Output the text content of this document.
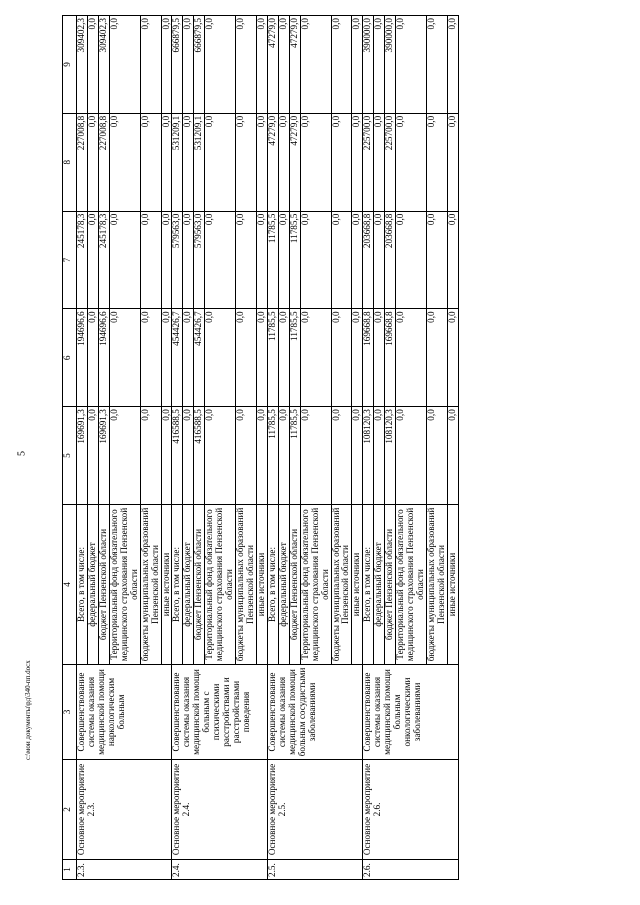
5
c:\мои документы\рд\340-пп.docx
1	2	3	4	5	6	7	8	9
2.3.	Основное мероприятие 2.3.	Совершенствование системы оказания медицинской помощи наркологическим больным	Всего, в том числе:	169691,3	194696,6	245178,3	227008,8	309402,3
			федеральный бюджет	0,0	0,0	0,0	0,0	0,0
			бюджет Пензенской области	169691,3	194696,6	245178,3	227008,8	309402,3
			Территориальный фонд обязательного медицинского страхования Пензенской области	0,0	0,0	0,0	0,0	0,0
			бюджеты муниципальных образований Пензенской области	0,0	0,0	0,0	0,0	0,0
			иные источники	0,0	0,0	0,0	0,0	0,0
2.4.	Основное мероприятие 2.4.	Совершенствование системы оказания медицинской помощи больным с психическими расстройствами и расстройствами поведения	Всего, в том числе:	416588,5	454426,7	579563,0	531209,1	666879,5
			федеральный бюджет	0,0	0,0	0,0	0,0	0,0
			бюджет Пензенской области	416588,5	454426,7	579563,0	531209,1	666879,5
			Территориальный фонд обязательного медицинского страхования Пензенской области	0,0	0,0	0,0	0,0	0,0
			бюджеты муниципальных образований Пензенской области	0,0	0,0	0,0	0,0	0,0
			иные источники	0,0	0,0	0,0	0,0	0,0
2.5.	Основное мероприятие 2.5.	Совершенствование системы оказания медицинской помощи больным сосудистыми заболеваниями	Всего, в том числе:	11785,5	11785,5	11785,5	47279,0	47279,0
			федеральный бюджет	0,0	0,0	0,0	0,0	0,0
			бюджет Пензенской области	11785,5	11785,5	11785,5	47279,0	47279,0
			Территориальный фонд обязательного медицинского страхования Пензенской области	0,0	0,0	0,0	0,0	0,0
			бюджеты муниципальных образований Пензенской области	0,0	0,0	0,0	0,0	0,0
			иные источники	0,0	0,0	0,0	0,0	0,0
2.6.	Основное мероприятие 2.6.	Совершенствование системы оказания медицинской помощи больным онкологическими заболеваниями	Всего, в том числе:	108120,3	169668,8	203668,8	225700,0	390000,0
			федеральный бюджет	0,0	0,0	0,0	0,0	0,0
			бюджет Пензенской области	108120,3	169668,8	203668,8	225700,0	390000,0
			Территориальный фонд обязательного медицинского страхования Пензенской области	0,0	0,0	0,0	0,0	0,0
			бюджеты муниципальных образований Пензенской области	0,0	0,0	0,0	0,0	0,0
			иные источники	0,0	0,0	0,0	0,0	0,0
